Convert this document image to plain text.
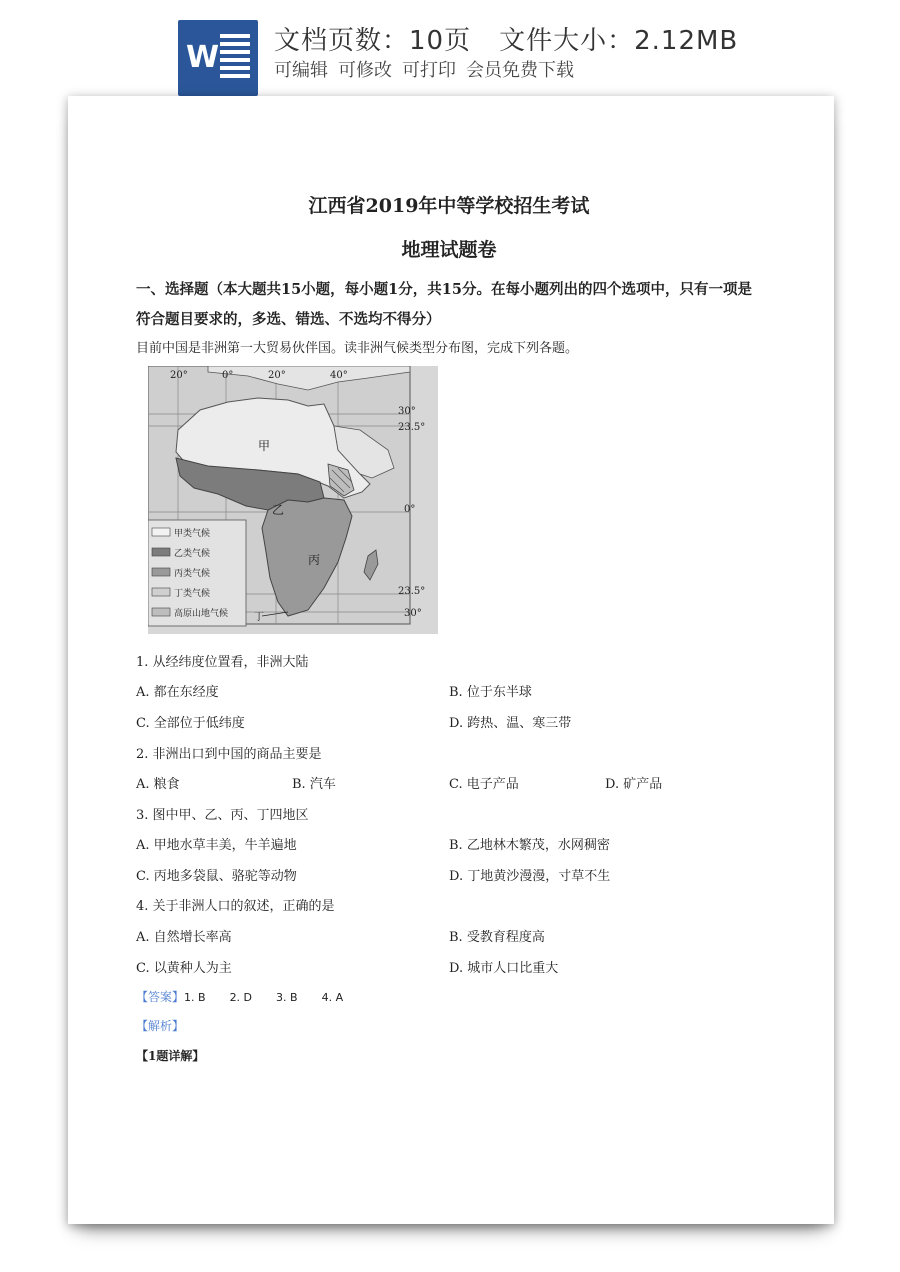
W 文档页数：10页 文件大小：2.12MB
可编辑 可修改 可打印 会员免费下载
江西省2019年中等学校招生考试
地理试题卷
一、选择题（本大题共15小题，每小题1分，共15分。在每小题列出的四个选项中，只有一项是符合题目要求的，多选、错选、不选均不得分）
目前中国是非洲第一大贸易伙伴国。读非洲气候类型分布图，完成下列各题。
20°	0°	20°	40°
30°
23.5°
0°
23.5°
30°
甲
乙
丙
丁
甲类气候
乙类气候
丙类气候
丁类气候
高原山地气候
1. 从经纬度位置看，非洲大陆
A. 都在东经度	B. 位于东半球
C. 全部位于低纬度	D. 跨热、温、寒三带
2. 非洲出口到中国的商品主要是
A. 粮食	B. 汽车	C. 电子产品	D. 矿产品
3. 图中甲、乙、丙、丁四地区
A. 甲地水草丰美，牛羊遍地	B. 乙地林木繁茂，水网稠密
C. 丙地多袋鼠、骆驼等动物	D. 丁地黄沙漫漫，寸草不生
4. 关于非洲人口的叙述，正确的是
A. 自然增长率高	B. 受教育程度高
C. 以黄种人为主	D. 城市人口比重大
【答案】1. B 2. D 3. B 4. A
【解析】
【1题详解】
